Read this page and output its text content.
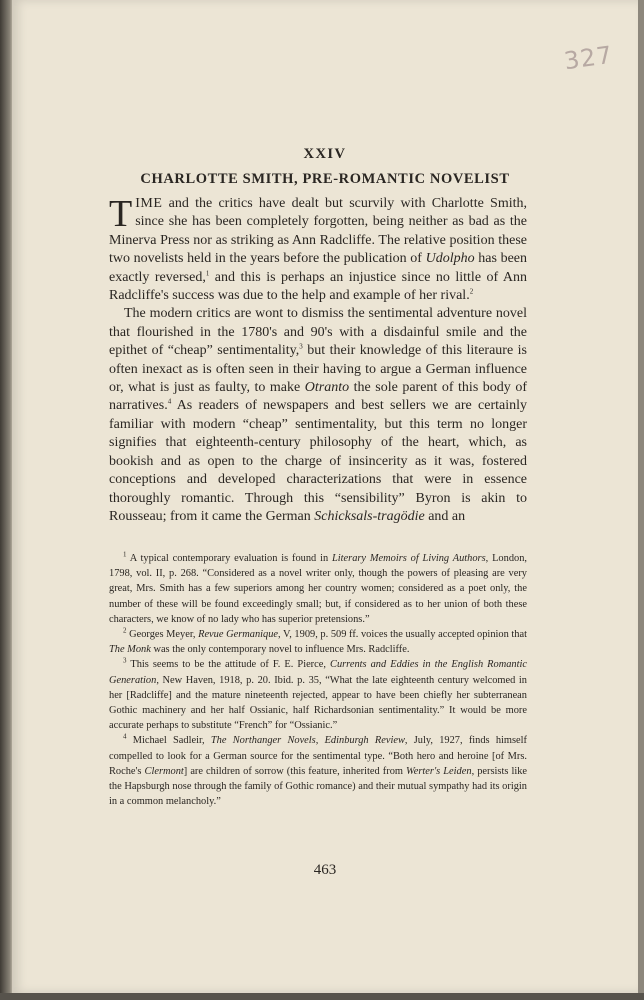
327
XXIV
CHARLOTTE SMITH, PRE-ROMANTIC NOVELIST

TIME and the critics have dealt but scurvily with Charlotte Smith, since she has been completely forgotten, being neither as bad as the Minerva Press nor as striking as Ann Radcliffe. The relative position these two novelists held in the years before the publication of Udolpho has been exactly reversed,$^1$ and this is perhaps an injustice since no little of Ann Radcliffe's success was due to the help and example of her rival.$^2$

The modern critics are wont to dismiss the sentimental adventure novel that flourished in the 1780's and 90's with a disdainful smile and the epithet of “cheap” sentimentality,$^3$ but their knowledge of this literaure is often inexact as is often seen in their having to argue a German influence or, what is just as faulty, to make Otranto the sole parent of this body of narratives.$^4$ As readers of newspapers and best sellers we are certainly familiar with modern “cheap” sentimentality, but this term no longer signifies that eighteenth-century philosophy of the heart, which, as bookish and as open to the charge of insincerity as it was, fostered conceptions and developed characterizations that were in essence thoroughly romantic. Through this “sensibility” Byron is akin to Rousseau; from it came the German Schicksals-tragödie and an

$^1$ A typical contemporary evaluation is found in Literary Memoirs of Living Authors, London, 1798, vol. II, p. 268. “Considered as a novel writer only, though the powers of pleasing are very great, Mrs. Smith has a few superiors among her country women; considered as a poet only, the number of these will be found exceedingly small; but, if considered as to her union of both these characters, we know of no lady who has superior pretensions.”

$^2$ Georges Meyer, Revue Germanique, V, 1909, p. 509 ff. voices the usually accepted opinion that The Monk was the only contemporary novel to influence Mrs. Radcliffe.

$^3$ This seems to be the attitude of F. E. Pierce, Currents and Eddies in the English Romantic Generation, New Haven, 1918, p. 20. Ibid. p. 35, “What the late eighteenth century welcomed in her [Radcliffe] and the mature nineteenth rejected, appear to have been chiefly her subterranean Gothic machinery and her half Ossianic, half Richardsonian sentimentality.” It would be more accurate perhaps to substitute “French” for “Ossianic.”

$^4$ Michael Sadleir, The Northanger Novels, Edinburgh Review, July, 1927, finds himself compelled to look for a German source for the sentimental type. “Both hero and heroine [of Mrs. Roche's Clermont] are children of sorrow (this feature, inherited from Werter's Leiden, persists like the Hapsburgh nose through the family of Gothic romance) and their mutual sympathy had its origin in a common melancholy.”

463
